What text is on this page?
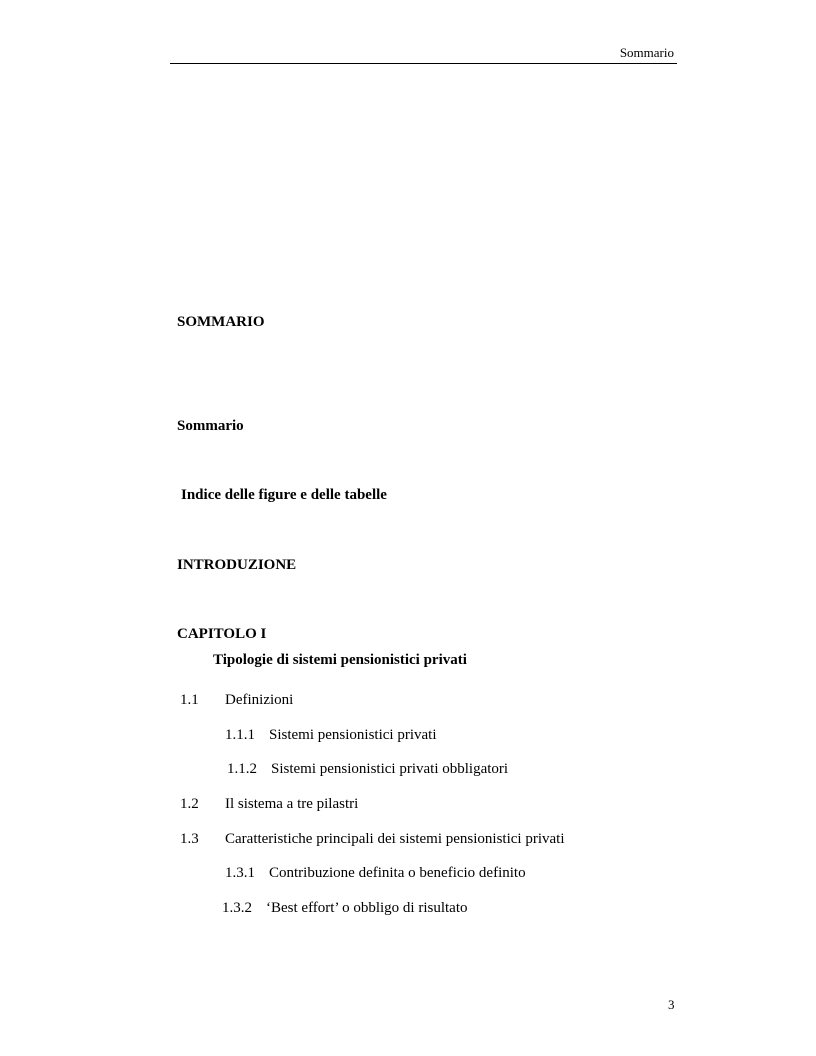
Sommario
SOMMARIO
Sommario
Indice delle figure e delle tabelle
INTRODUZIONE
CAPITOLO I
Tipologie di sistemi pensionistici privati
1.1 Definizioni
1.1.1 Sistemi pensionistici privati
1.1.2 Sistemi pensionistici privati obbligatori
1.2 Il sistema a tre pilastri
1.3 Caratteristiche principali dei sistemi pensionistici privati
1.3.1 Contribuzione definita o beneficio definito
1.3.2 ‘Best effort’ o obbligo di risultato
3
